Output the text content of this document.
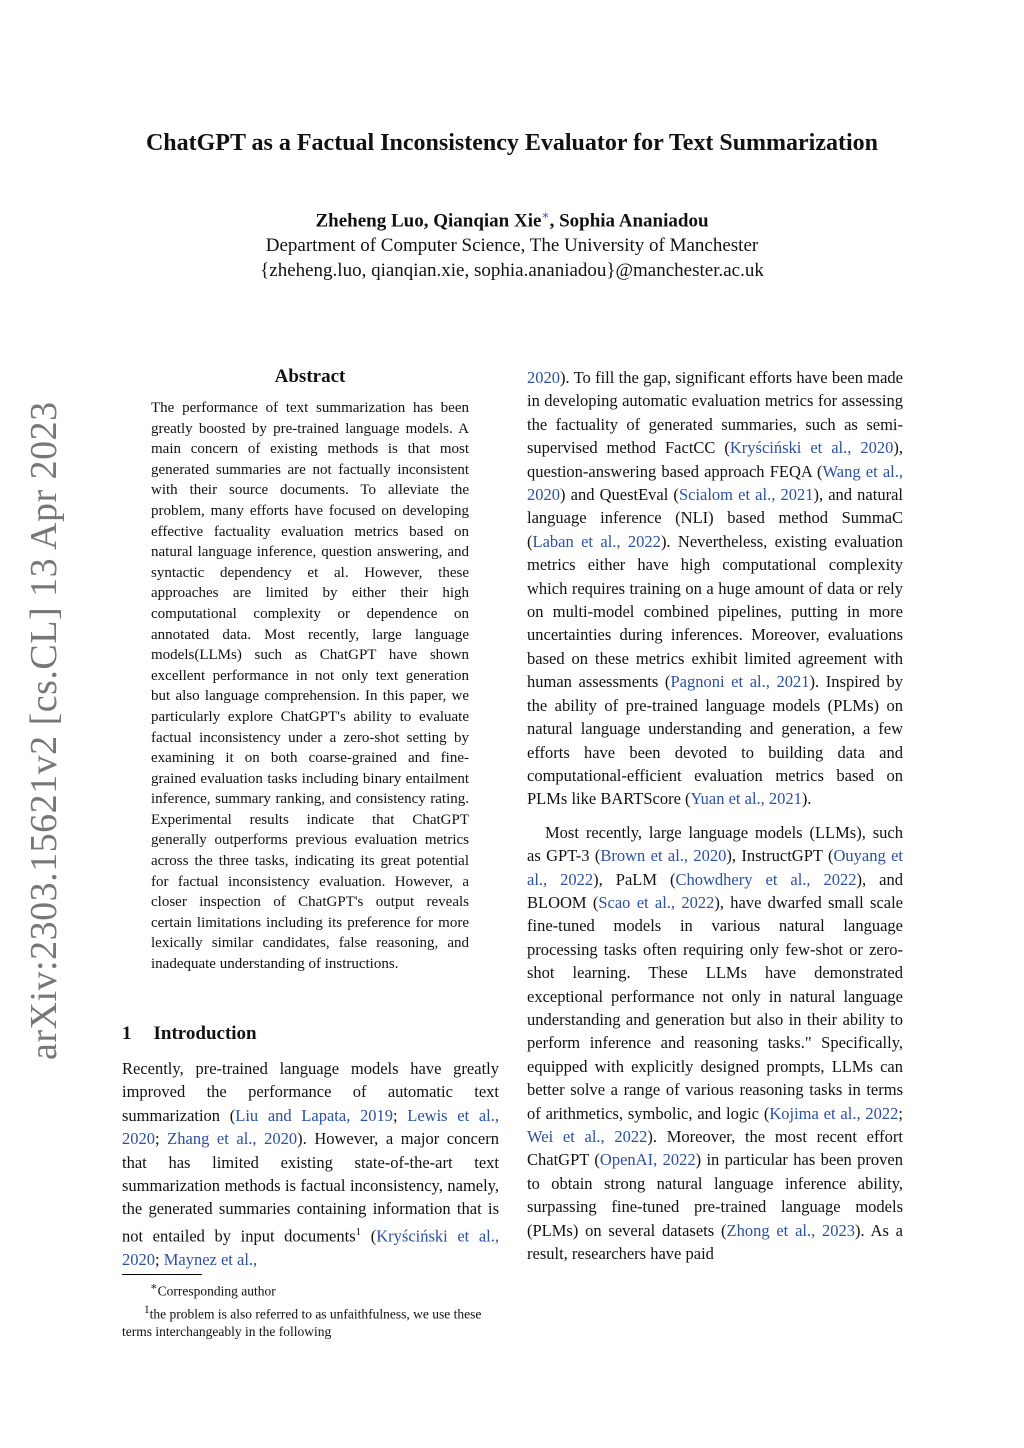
ChatGPT as a Factual Inconsistency Evaluator for Text Summarization
Zheheng Luo, Qianqian Xie∗, Sophia Ananiadou
Department of Computer Science, The University of Manchester
{zheheng.luo, qianqian.xie, sophia.ananiadou}@manchester.ac.uk
arXiv:2303.15621v2 [cs.CL] 13 Apr 2023
Abstract
The performance of text summarization has been greatly boosted by pre-trained language models. A main concern of existing methods is that most generated summaries are not factually inconsistent with their source documents. To alleviate the problem, many efforts have focused on developing effective factuality evaluation metrics based on natural language inference, question answering, and syntactic dependency et al. However, these approaches are limited by either their high computational complexity or dependence on annotated data. Most recently, large language models(LLMs) such as ChatGPT have shown excellent performance in not only text generation but also language comprehension. In this paper, we particularly explore ChatGPT's ability to evaluate factual inconsistency under a zero-shot setting by examining it on both coarse-grained and fine-grained evaluation tasks including binary entailment inference, summary ranking, and consistency rating. Experimental results indicate that ChatGPT generally outperforms previous evaluation metrics across the three tasks, indicating its great potential for factual inconsistency evaluation. However, a closer inspection of ChatGPT's output reveals certain limitations including its preference for more lexically similar candidates, false reasoning, and inadequate understanding of instructions.
1 Introduction
Recently, pre-trained language models have greatly improved the performance of automatic text summarization (Liu and Lapata, 2019; Lewis et al., 2020; Zhang et al., 2020). However, a major concern that has limited existing state-of-the-art text summarization methods is factual inconsistency, namely, the generated summaries containing information that is not entailed by input documents$^1$ (Kryściński et al., 2020; Maynez et al.,
∗Corresponding author
$^1$the problem is also referred to as unfaithfulness, we use these terms interchangeably in the following

2020). To fill the gap, significant efforts have been made in developing automatic evaluation metrics for assessing the factuality of generated summaries, such as semi-supervised method FactCC (Kryściński et al., 2020), question-answering based approach FEQA (Wang et al., 2020) and QuestEval (Scialom et al., 2021), and natural language inference (NLI) based method SummaC (Laban et al., 2022). Nevertheless, existing evaluation metrics either have high computational complexity which requires training on a huge amount of data or rely on multi-model combined pipelines, putting in more uncertainties during inferences. Moreover, evaluations based on these metrics exhibit limited agreement with human assessments (Pagnoni et al., 2021). Inspired by the ability of pre-trained language models (PLMs) on natural language understanding and generation, a few efforts have been devoted to building data and computational-efficient evaluation metrics based on PLMs like BARTScore (Yuan et al., 2021).

Most recently, large language models (LLMs), such as GPT-3 (Brown et al., 2020), InstructGPT (Ouyang et al., 2022), PaLM (Chowdhery et al., 2022), and BLOOM (Scao et al., 2022), have dwarfed small scale fine-tuned models in various natural language processing tasks often requiring only few-shot or zero-shot learning. These LLMs have demonstrated exceptional performance not only in natural language understanding and generation but also in their ability to perform inference and reasoning tasks." Specifically, equipped with explicitly designed prompts, LLMs can better solve a range of various reasoning tasks in terms of arithmetics, symbolic, and logic (Kojima et al., 2022; Wei et al., 2022). Moreover, the most recent effort ChatGPT (OpenAI, 2022) in particular has been proven to obtain strong natural language inference ability, surpassing fine-tuned pre-trained language models (PLMs) on several datasets (Zhong et al., 2023). As a result, researchers have paid
